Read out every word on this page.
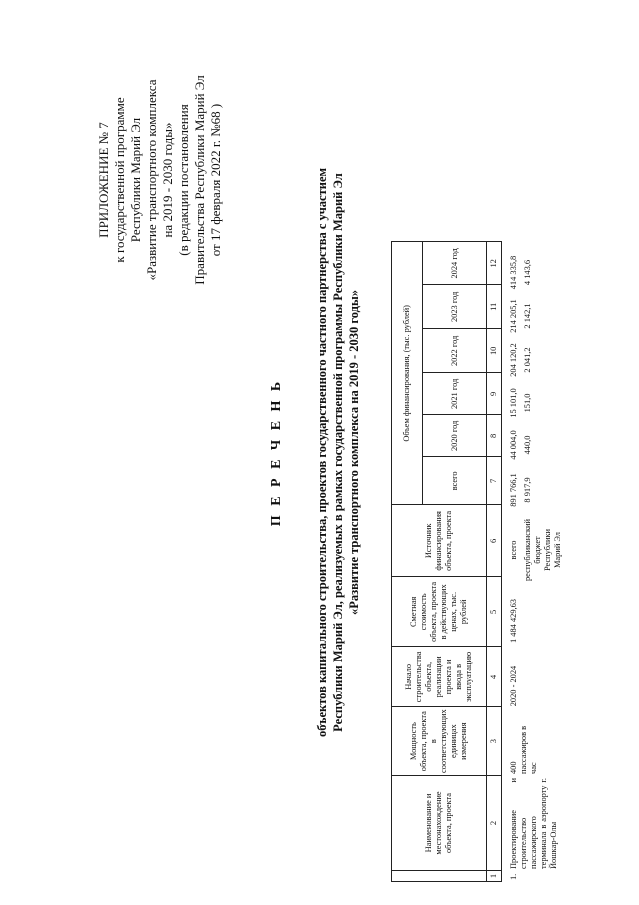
ПРИЛОЖЕНИЕ № 7 к государственной программе Республики Марий Эл «Развитие транспортного комплекса на 2019 - 2030 годы» (в редакции постановления Правительства Республики Марий Эл от 17 февраля 2022 г. №68 )
П Е Р Е Ч Е Н Ь объектов капитального строительства, проектов государственного частного партнерства с участием Республики Марий Эл, реализуемых в рамках государственной программы Республики Марий Эл «Развитие транспортного комплекса на 2019 - 2030 годы»
	Наименование и местонахождение объекта, проекта	Мощность объекта, проекта в соответствующих единицах измерения	Начало строительства объекта, реализации проекта и ввода в эксплуатацию	Сметная стоимость объекта, проекта в действующих ценах, тыс. рублей	Источник финансирования объекта, проекта	Объем финансирования, (тыс. рублей)					
						всего	2020 год	2021 год	2022 год	2023 год	2024 год
1	2	3	4	5	6	7	8	9	10	11	12
1.	Проектирование и строительство пассажирского терминала в аэропорту г. Йошкар-Олы	400 пассажиров в час	2020 - 2024	1 484 429,63	всего	891 766,1	44 004,0	15 101,0	204 120,2	214 205,1	414 335,8
					республиканский бюджет Республики Марий Эл	8 917,9	440,0	151,0	2 041,2	2 142,1	4 143,6
